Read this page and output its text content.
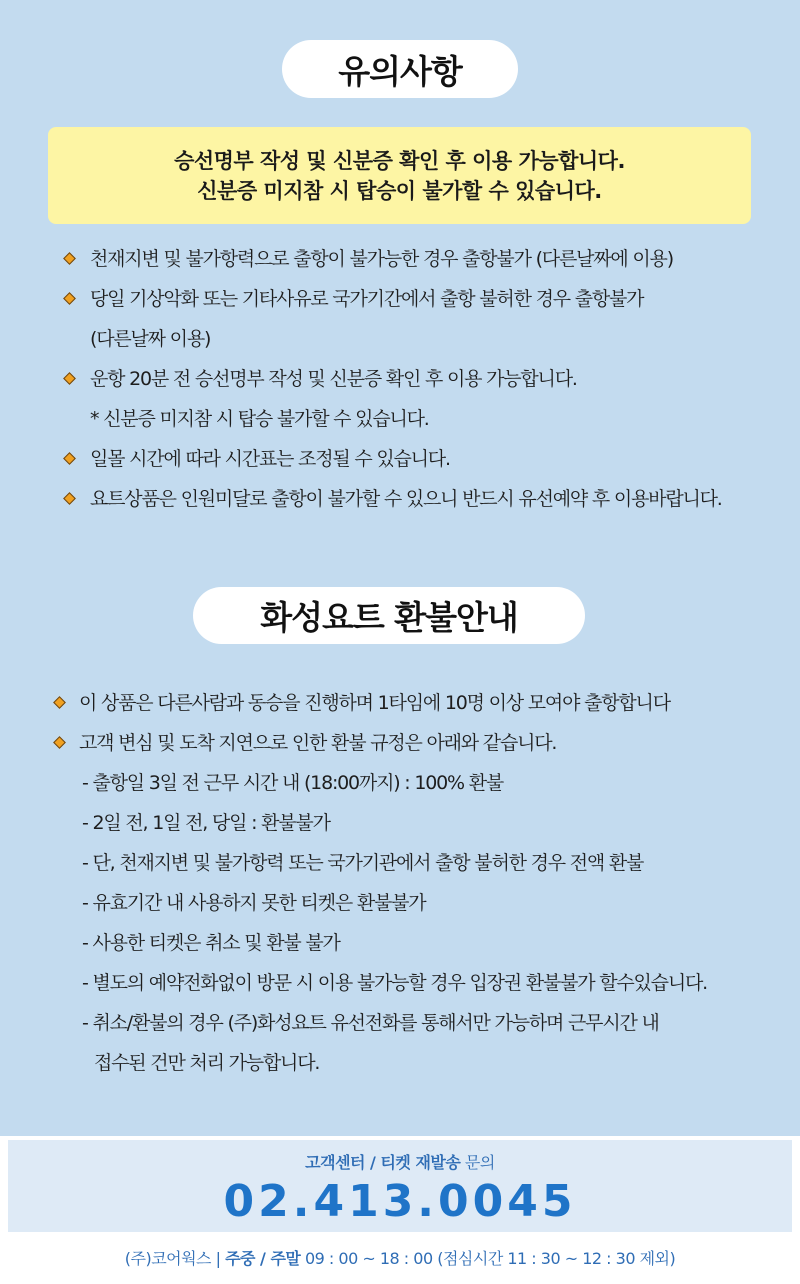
유의사항
승선명부 작성 및 신분증 확인 후 이용 가능합니다.
신분증 미지참 시 탑승이 불가할 수 있습니다.
천재지변 및 불가항력으로 출항이 불가능한 경우 출항불가 (다른날짜에 이용)
당일 기상악화 또는 기타사유로 국가기간에서 출항 불허한 경우 출항불가
(다른날짜 이용)
운항 20분 전 승선명부 작성 및 신분증 확인 후 이용 가능합니다.
* 신분증 미지참 시 탑승 불가할 수 있습니다.
일몰 시간에 따라 시간표는 조정될 수 있습니다.
요트상품은 인원미달로 출항이 불가할 수 있으니 반드시 유선예약 후 이용바랍니다.
화성요트 환불안내
이 상품은 다른사람과 동승을 진행하며 1타임에 10명 이상 모여야 출항합니다
고객 변심 및 도착 지연으로 인한 환불 규정은 아래와 같습니다.
- 출항일 3일 전 근무 시간 내 (18:00까지) : 100% 환불
- 2일 전, 1일 전, 당일 : 환불불가
- 단, 천재지변 및 불가항력 또는 국가기관에서 출항 불허한 경우 전액 환불
- 유효기간 내 사용하지 못한 티켓은 환불불가
- 사용한 티켓은 취소 및 환불 불가
- 별도의 예약전화없이 방문 시 이용 불가능할 경우 입장권 환불불가 할수있습니다.
- 취소/환불의 경우 (주)화성요트 유선전화를 통해서만 가능하며 근무시간 내
접수된 건만 처리 가능합니다.
고객센터 / 티켓 재발송 문의
02.413.0045
(주)코어웍스 | 주중 / 주말 09 : 00 ~ 18 : 00 (점심시간 11 : 30 ~ 12 : 30 제외)
